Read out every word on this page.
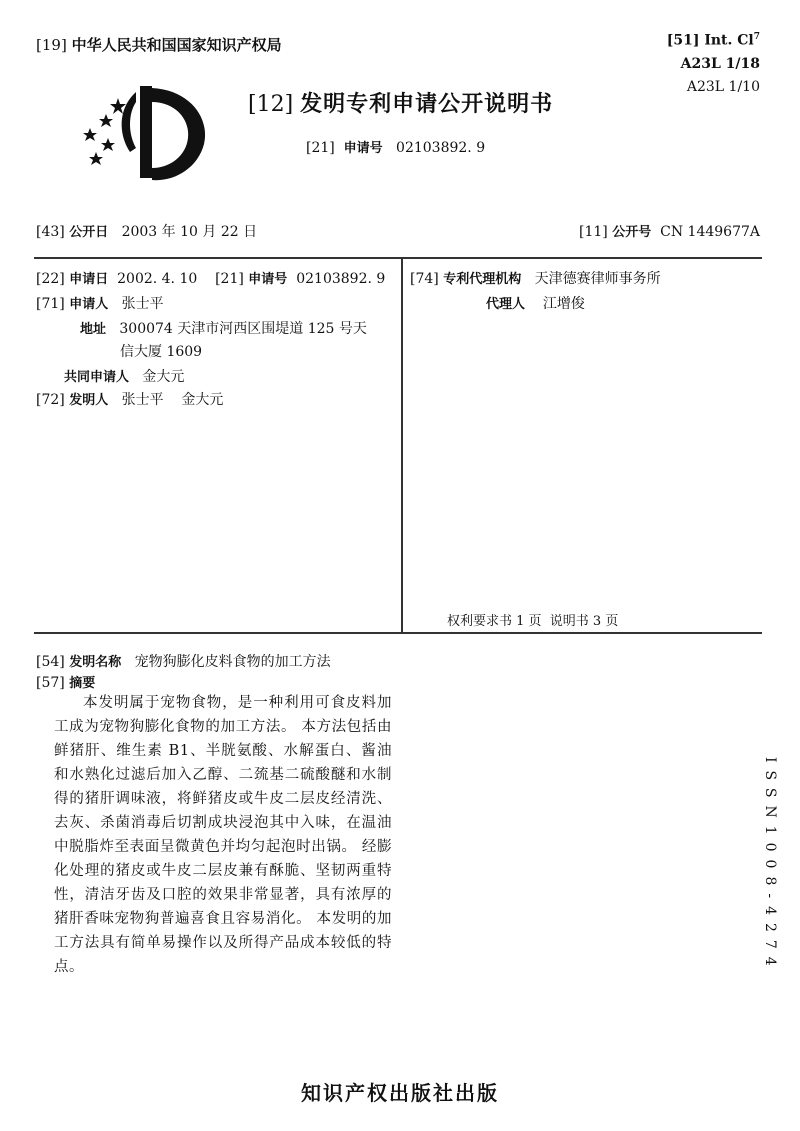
[19] 中华人民共和国国家知识产权局	[51] Int. Cl$^7$
A23L 1/18
A23L 1/10
[12] 发明专利申请公开说明书
[21] 申请号 02103892. 9
[43] 公开日 2003 年 10 月 22 日	[11] 公开号 CN 1449677A
[22] 申请日 2002. 4. 10 [21] 申请号 02103892. 9
[71] 申请人 张士平
地址 300074 天津市河西区围堤道 125 号天
信大厦 1609
共同申请人 金大元
[72] 发明人 张士平    金大元
[74] 专利代理机构 天津德赛律师事务所
代理人 江增俊
权利要求书 1 页  说明书 3 页
[54] 发明名称 宠物狗膨化皮料食物的加工方法
[57] 摘要
本发明属于宠物食物，是一种利用可食皮料加工成为宠物狗膨化食物的加工方法。 本方法包括由鲜猪肝、维生素 B1、半胱氨酸、水解蛋白、酱油和水熟化过滤后加入乙醇、二巯基二硫酸醚和水制得的猪肝调味液，将鲜猪皮或牛皮二层皮经清洗、去灰、杀菌消毒后切割成块浸泡其中入味，在温油中脱脂炸至表面呈微黄色并均匀起泡时出锅。 经膨化处理的猪皮或牛皮二层皮兼有酥脆、坚韧两重特性，清洁牙齿及口腔的效果非常显著，具有浓厚的猪肝香味宠物狗普遍喜食且容易消化。 本发明的加工方法具有简单易操作以及所得产品成本较低的特点。	ISSN1008-4274
知识产权出版社出版
